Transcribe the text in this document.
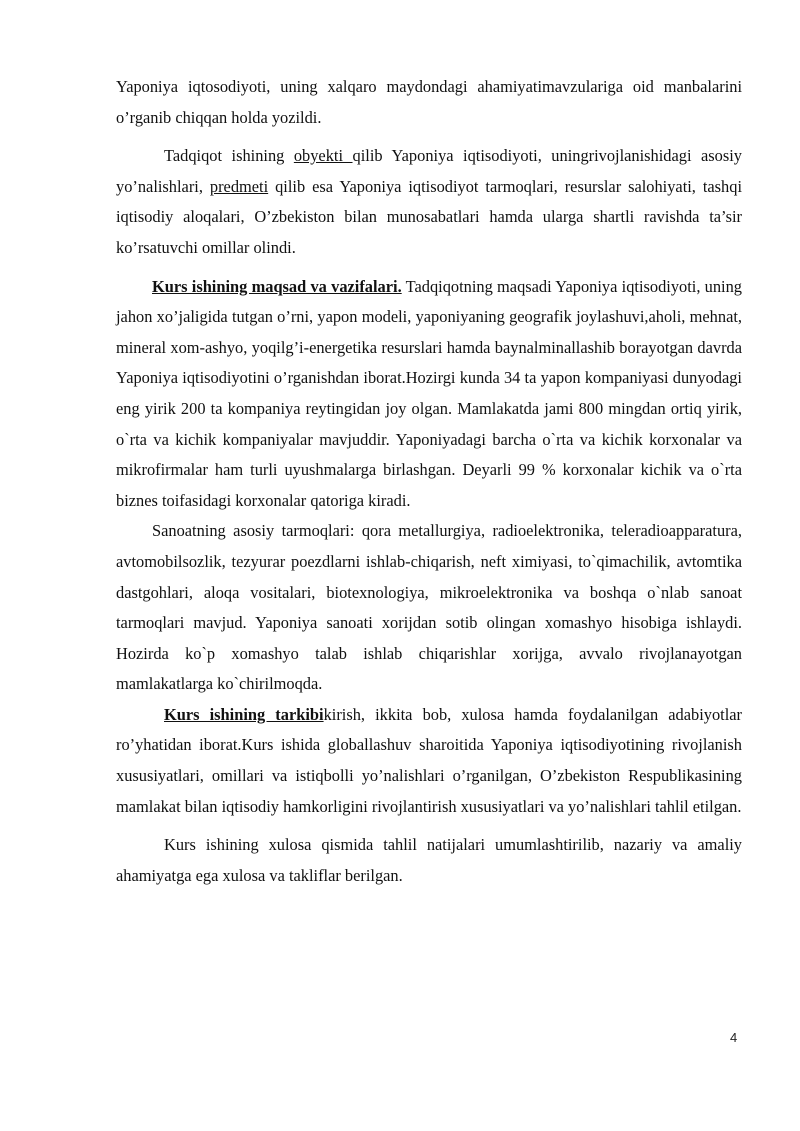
Yaponiya iqtosodiyoti, uning xalqaro maydondagi ahamiyatimavzulariga oid manbalarini o’rganib chiqqan holda yozildi.

Tadqiqot ishining obyekti qilib Yaponiya iqtisodiyoti, uningrivojlanishidagi asosiy yo’nalishlari, predmeti qilib esa Yaponiya iqtisodiyot tarmoqlari, resurslar salohiyati, tashqi iqtisodiy aloqalari, O’zbekiston bilan munosabatlari hamda ularga shartli ravishda ta’sir ko’rsatuvchi omillar olindi.

Kurs ishining maqsad va vazifalari. Tadqiqotning maqsadi Yaponiya iqtisodiyoti, uning jahon xo’jaligida tutgan o’rni, yapon modeli, yaponiyaning geografik joylashuvi,aholi, mehnat, mineral xom-ashyo, yoqilg’i-energetika resurslari hamda baynalminallashib borayotgan davrda Yaponiya iqtisodiyotini o’rganishdan iborat.Hozirgi kunda 34 ta yapon kompaniyasi dunyodagi eng yirik 200 ta kompaniya reytingidan joy olgan. Mamlakatda jami 800 mingdan ortiq yirik, o`rta va kichik kompaniyalar mavjuddir. Yaponiyadagi barcha o`rta va kichik korxonalar va mikrofirmalar ham turli uyushmalarga birlashgan. Deyarli 99 % korxonalar kichik va o`rta biznes toifasidagi korxonalar qatoriga kiradi.

Sanoatning asosiy tarmoqlari: qora metallurgiya, radioelektronika, teleradioapparatura, avtomobilsozlik, tezyurar poezdlarni ishlab-chiqarish, neft ximiyasi, to`qimachilik, avtomtika dastgohlari, aloqa vositalari, biotexnologiya, mikroelektronika va boshqa o`nlab sanoat tarmoqlari mavjud. Yaponiya sanoati xorijdan sotib olingan xomashyo hisobiga ishlaydi. Hozirda ko`p xomashyo talab ishlab chiqarishlar xorijga, avvalo rivojlanayotgan mamlakatlarga ko`chirilmoqda.

Kurs ishining tarkibikirish, ikkita bob, xulosa hamda foydalanilgan adabiyotlar ro’yhatidan iborat.Kurs ishida globallashuv sharoitida Yaponiya iqtisodiyotining rivojlanish xususiyatlari, omillari va istiqbolli yo’nalishlari o’rganilgan, O’zbekiston Respublikasining mamlakat bilan iqtisodiy hamkorligini rivojlantirish xususiyatlari va yo’nalishlari tahlil etilgan.

Kurs ishining xulosa qismida tahlil natijalari umumlashtirilib, nazariy va amaliy ahamiyatga ega xulosa va takliflar berilgan.

4
